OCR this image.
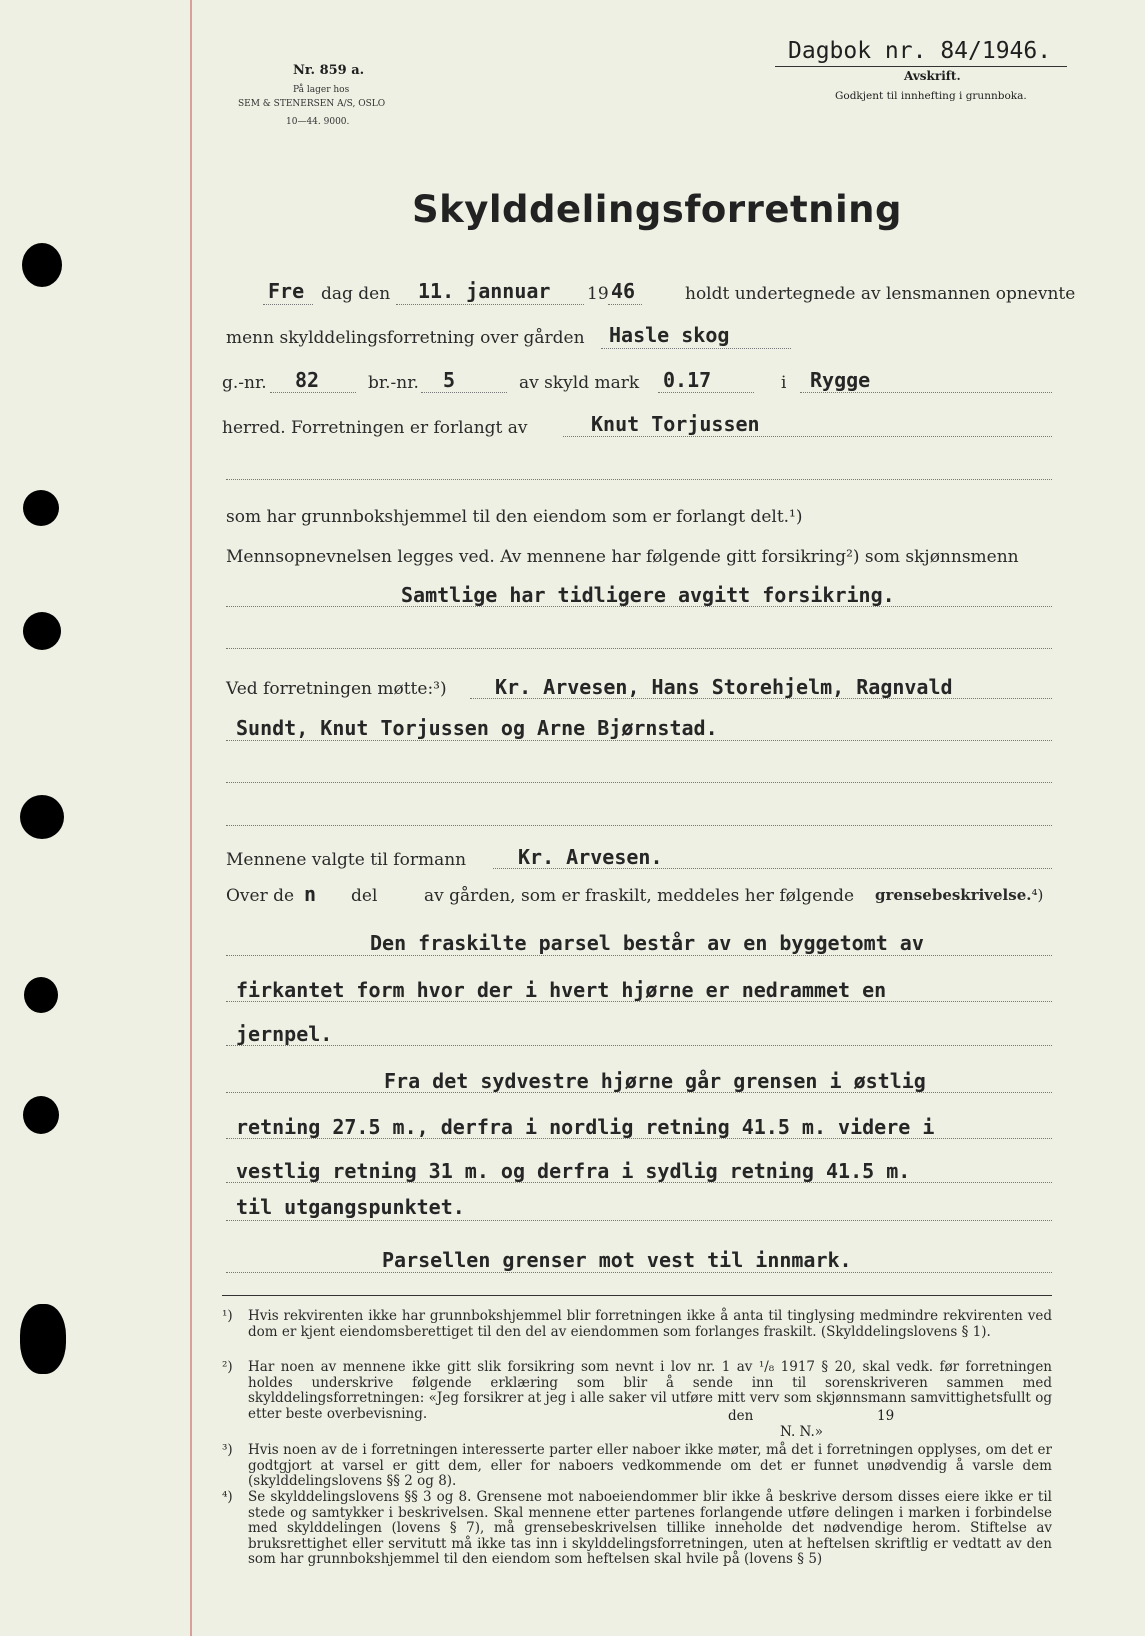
Nr. 859 a.
På lager hos
SEM & STENERSEN A/S, OSLO
10—44. 9000.
Dagbok nr. 84/1946.
Avskrift.
Godkjent til innhefting i grunnboka.
Skylddelingsforretning
Fre dag den 11. jannuar 19 46	holdt undertegnede av lensmannen opnevnte
menn skylddelingsforretning over gården Hasle skog
g.-nr. 82	br.-nr. 5	av skyld mark 0.17	i Rygge
herred. Forretningen er forlangt av	Knut Torjussen
som har grunnbokshjemmel til den eiendom som er forlangt delt.¹)
Mennsopnevnelsen legges ved. Av mennene har følgende gitt forsikring²) som skjønnsmenn
Samtlige har tidligere avgitt forsikring.
Ved forretningen møtte:³) Kr. Arvesen, Hans Storehjelm, Ragnvald
Sundt, Knut Torjussen og Arne Bjørnstad.
Mennene valgte til formann	Kr. Arvesen.
Over de n del	av gården, som er fraskilt, meddeles her følgende grensebeskrivelse.⁴)
Den fraskilte parsel består av en byggetomt av
firkantet form hvor der i hvert hjørne er nedrammet en
jernpel.
Fra det sydvestre hjørne går grensen i østlig
retning 27.5 m., derfra i nordlig retning 41.5 m. videre i
vestlig retning 31 m. og derfra i sydlig retning 41.5 m.
til utgangspunktet.
Parsellen grenser mot vest til innmark.
¹) Hvis rekvirenten ikke har grunnbokshjemmel blir forretningen ikke å anta til tinglysing medmindre rekvirenten ved dom er kjent eiendomsberettiget til den del av eiendommen som forlanges fraskilt. (Skylddelingslovens § 1).
²) Har noen av mennene ikke gitt slik forsikring som nevnt i lov nr. 1 av ¹/₈ 1917 § 20, skal vedk. før forretningen holdes underskrive følgende erklæring som blir å sende inn til sorenskriveren sammen med skylddelingsforretningen: «Jeg forsikrer at jeg i alle saker vil utføre mitt verv som skjønnsmann samvittighetsfullt og etter beste overbevisning.	den	19
N. N.»
³) Hvis noen av de i forretningen interesserte parter eller naboer ikke møter, må det i forretningen opplyses, om det er godtgjort at varsel er gitt dem, eller for naboers vedkommende om det er funnet unødvendig å varsle dem (skylddelingslovens §§ 2 og 8).
⁴) Se skylddelingslovens §§ 3 og 8. Grensene mot naboeiendommer blir ikke å beskrive dersom disses eiere ikke er til stede og samtykker i beskrivelsen. Skal mennene etter partenes forlangende utføre delingen i marken i forbindelse med skylddelingen (lovens § 7), må grensebeskrivelsen tillike inneholde det nødvendige herom. Stiftelse av bruksrettighet eller servitutt må ikke tas inn i skylddelingsforretningen, uten at heftelsen skriftlig er vedtatt av den som har grunnbokshjemmel til den eiendom som heftelsen skal hvile på (lovens § 5)
